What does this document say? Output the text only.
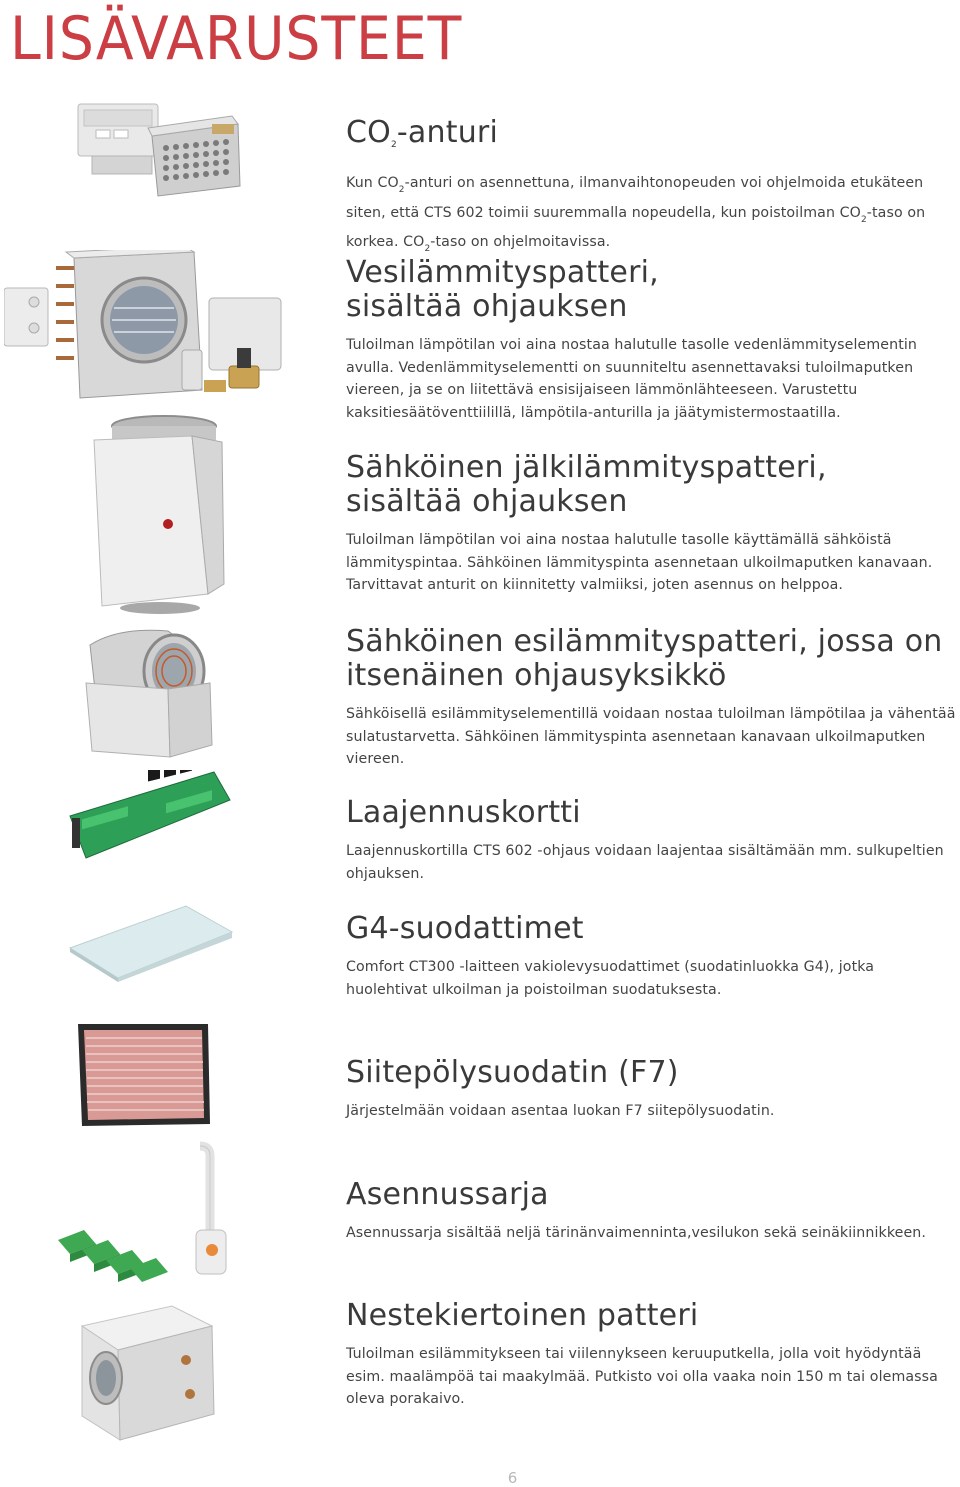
LISÄVARUSTEET
$CO_2$-anturi

Kun $CO_2$-anturi on asennettuna, ilmanvaihtonopeuden voi ohjelmoida etukäteen siten, että CTS 602 toimii suuremmalla nopeudella, kun poistoilman $CO_2$-taso on korkea. $CO_2$-taso on ohjelmoitavissa.

Vesilämmityspatteri,
sisältää ohjauksen

Tuloilman lämpötilan voi aina nostaa halutulle tasolle vedenlämmityselementin avulla. Vedenlämmityselementti on suunniteltu asennettavaksi tuloilmaputken viereen, ja se on liitettävä ensisijaiseen lämmönlähteeseen. Varustettu kaksitiesäätöventtiilillä, lämpötila-anturilla ja jäätymistermostaatilla.

Sähköinen jälkilämmityspatteri,
sisältää ohjauksen

Tuloilman lämpötilan voi aina nostaa halutulle tasolle käyttämällä sähköistä lämmityspintaa. Sähköinen lämmityspinta asennetaan ulkoilmaputken kanavaan. Tarvittavat anturit on kiinnitetty valmiiksi, joten asennus on helppoa.

Sähköinen esilämmityspatteri, jossa on
itsenäinen ohjausyksikkö

Sähköisellä esilämmityselementillä voidaan nostaa tuloilman lämpötilaa ja vähentää sulatustarvetta. Sähköinen lämmityspinta asennetaan kanavaan ulkoilmaputken viereen.

Laajennuskortti

Laajennuskortilla CTS 602 -ohjaus voidaan laajentaa sisältämään mm. sulkupeltien ohjauksen.

G4-suodattimet

Comfort CT300 -laitteen vakiolevysuodattimet (suodatinluokka G4), jotka huolehtivat ulkoilman ja poistoilman suodatuksesta.

Siitepölysuodatin (F7)

Järjestelmään voidaan asentaa luokan F7 siitepölysuodatin.

Asennussarja

Asennussarja sisältää neljä tärinänvaimenninta,vesilukon sekä seinäkiinnikkeen.

Nestekiertoinen patteri

Tuloilman esilämmitykseen tai viilennykseen keruuputkella, jolla voit hyödyntää esim. maalämpöä tai maakylmää. Putkisto voi olla vaaka noin 150 m tai olemassa oleva porakaivo.

6
